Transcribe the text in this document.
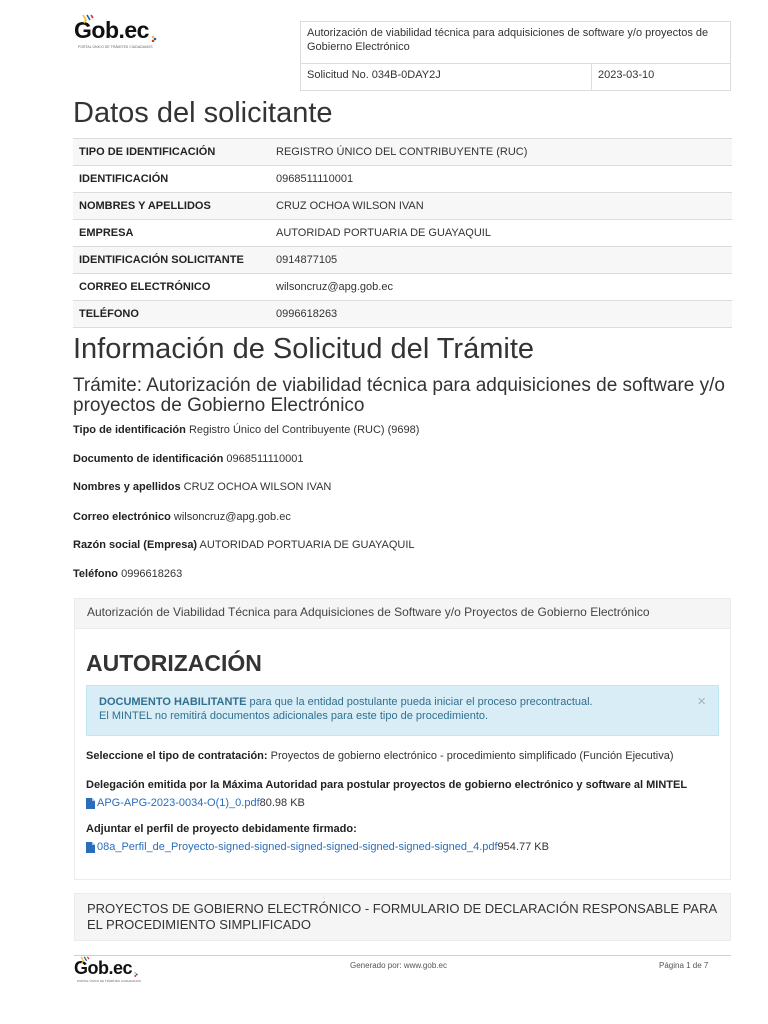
Gob.ec
PORTAL ÚNICO DE TRÁMITES CIUDADANOS
Autorización de viabilidad técnica para adquisiciones de software y/o proyectos de Gobierno Electrónico
Solicitud No. 034B-0DAY2J	2023-03-10
Datos del solicitante
TIPO DE IDENTIFICACIÓN	REGISTRO ÚNICO DEL CONTRIBUYENTE (RUC)
IDENTIFICACIÓN	0968511110001
NOMBRES Y APELLIDOS	CRUZ OCHOA WILSON IVAN
EMPRESA	AUTORIDAD PORTUARIA DE GUAYAQUIL
IDENTIFICACIÓN SOLICITANTE	0914877105
CORREO ELECTRÓNICO	wilsoncruz@apg.gob.ec
TELÉFONO	0996618263
Información de Solicitud del Trámite
Trámite: Autorización de viabilidad técnica para adquisiciones de software y/o proyectos de Gobierno Electrónico
Tipo de identificación Registro Único del Contribuyente (RUC) (9698)
Documento de identificación 0968511110001
Nombres y apellidos CRUZ OCHOA WILSON IVAN
Correo electrónico wilsoncruz@apg.gob.ec
Razón social (Empresa) AUTORIDAD PORTUARIA DE GUAYAQUIL
Teléfono 0996618263
Autorización de Viabilidad Técnica para Adquisiciones de Software y/o Proyectos de Gobierno Electrónico
AUTORIZACIÓN
×
DOCUMENTO HABILITANTE para que la entidad postulante pueda iniciar el proceso precontractual.
El MINTEL no remitirá documentos adicionales para este tipo de procedimiento.
Seleccione el tipo de contratación: Proyectos de gobierno electrónico - procedimiento simplificado (Función Ejecutiva)
Delegación emitida por la Máxima Autoridad para postular proyectos de gobierno electrónico y software al MINTEL
APG-APG-2023-0034-O(1)_0.pdf 80.98 KB
Adjuntar el perfil de proyecto debidamente firmado:
08a_Perfil_de_Proyecto-signed-signed-signed-signed-signed-signed-signed_4.pdf 954.77 KB
PROYECTOS DE GOBIERNO ELECTRÓNICO - FORMULARIO DE DECLARACIÓN RESPONSABLE PARA EL PROCEDIMIENTO SIMPLIFICADO
Gob.ec
PORTAL ÚNICO DE TRÁMITES CIUDADANOS
Generado por: www.gob.ec	Página 1 de 7
